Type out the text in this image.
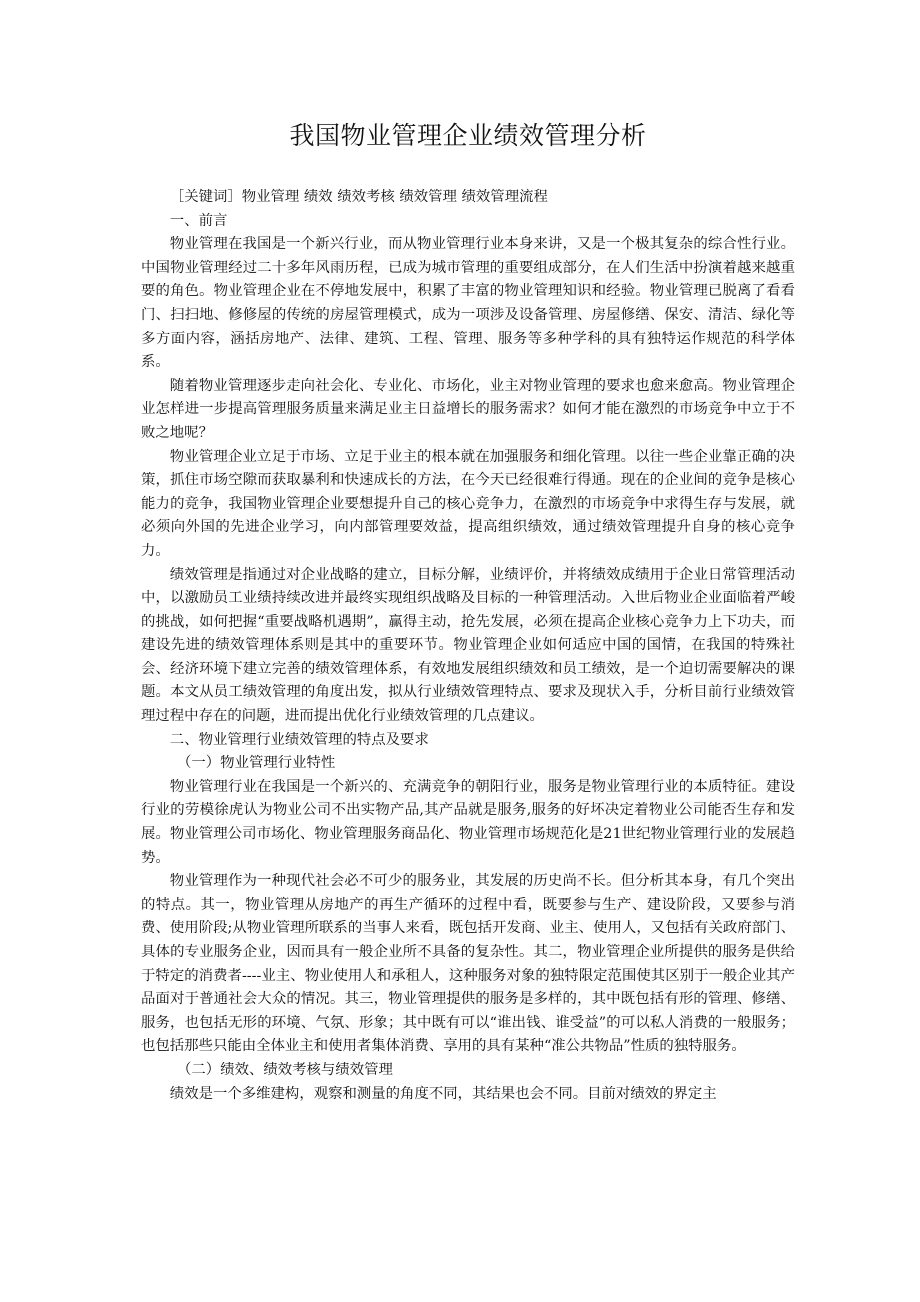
我国物业管理企业绩效管理分析

［关键词］物业管理 绩效 绩效考核 绩效管理 绩效管理流程

一、前言

物业管理在我国是一个新兴行业，而从物业管理行业本身来讲，又是一个极其复杂的综合性行业。中国物业管理经过二十多年风雨历程，已成为城市管理的重要组成部分，在人们生活中扮演着越来越重要的角色。物业管理企业在不停地发展中，积累了丰富的物业管理知识和经验。物业管理已脱离了看看门、扫扫地、修修屋的传统的房屋管理模式，成为一项涉及设备管理、房屋修缮、保安、清洁、绿化等多方面内容，涵括房地产、法律、建筑、工程、管理、服务等多种学科的具有独特运作规范的科学体系。

随着物业管理逐步走向社会化、专业化、市场化，业主对物业管理的要求也愈来愈高。物业管理企业怎样进一步提高管理服务质量来满足业主日益增长的服务需求？如何才能在激烈的市场竞争中立于不败之地呢？

物业管理企业立足于市场、立足于业主的根本就在加强服务和细化管理。以往一些企业靠正确的决策，抓住市场空隙而获取暴利和快速成长的方法，在今天已经很难行得通。现在的企业间的竞争是核心能力的竞争，我国物业管理企业要想提升自己的核心竞争力，在激烈的市场竞争中求得生存与发展，就必须向外国的先进企业学习，向内部管理要效益，提高组织绩效，通过绩效管理提升自身的核心竞争力。

绩效管理是指通过对企业战略的建立，目标分解，业绩评价，并将绩效成绩用于企业日常管理活动中，以激励员工业绩持续改进并最终实现组织战略及目标的一种管理活动。入世后物业企业面临着严峻的挑战，如何把握“重要战略机遇期”，赢得主动，抢先发展，必须在提高企业核心竞争力上下功夫，而建设先进的绩效管理体系则是其中的重要环节。物业管理企业如何适应中国的国情，在我国的特殊社会、经济环境下建立完善的绩效管理体系，有效地发展组织绩效和员工绩效，是一个迫切需要解决的课题。本文从员工绩效管理的角度出发，拟从行业绩效管理特点、要求及现状入手，分析目前行业绩效管理过程中存在的问题，进而提出优化行业绩效管理的几点建议。

二、物业管理行业绩效管理的特点及要求

（一）物业管理行业特性

物业管理行业在我国是一个新兴的、充满竞争的朝阳行业，服务是物业管理行业的本质特征。建设行业的劳模徐虎认为物业公司不出实物产品,其产品就是服务,服务的好坏决定着物业公司能否生存和发展。物业管理公司市场化、物业管理服务商品化、物业管理市场规范化是21世纪物业管理行业的发展趋势。

物业管理作为一种现代社会必不可少的服务业，其发展的历史尚不长。但分析其本身，有几个突出的特点。其一，物业管理从房地产的再生产循环的过程中看，既要参与生产、建设阶段，又要参与消费、使用阶段;从物业管理所联系的当事人来看，既包括开发商、业主、使用人，又包括有关政府部门、具体的专业服务企业，因而具有一般企业所不具备的复杂性。其二，物业管理企业所提供的服务是供给于特定的消费者----业主、物业使用人和承租人，这种服务对象的独特限定范围使其区别于一般企业其产品面对于普通社会大众的情况。其三，物业管理提供的服务是多样的，其中既包括有形的管理、修缮、服务，也包括无形的环境、气氛、形象；其中既有可以“谁出钱、谁受益”的可以私人消费的一般服务；也包括那些只能由全体业主和使用者集体消费、享用的具有某种“准公共物品”性质的独特服务。

（二）绩效、绩效考核与绩效管理

绩效是一个多维建构，观察和测量的角度不同，其结果也会不同。目前对绩效的界定主
